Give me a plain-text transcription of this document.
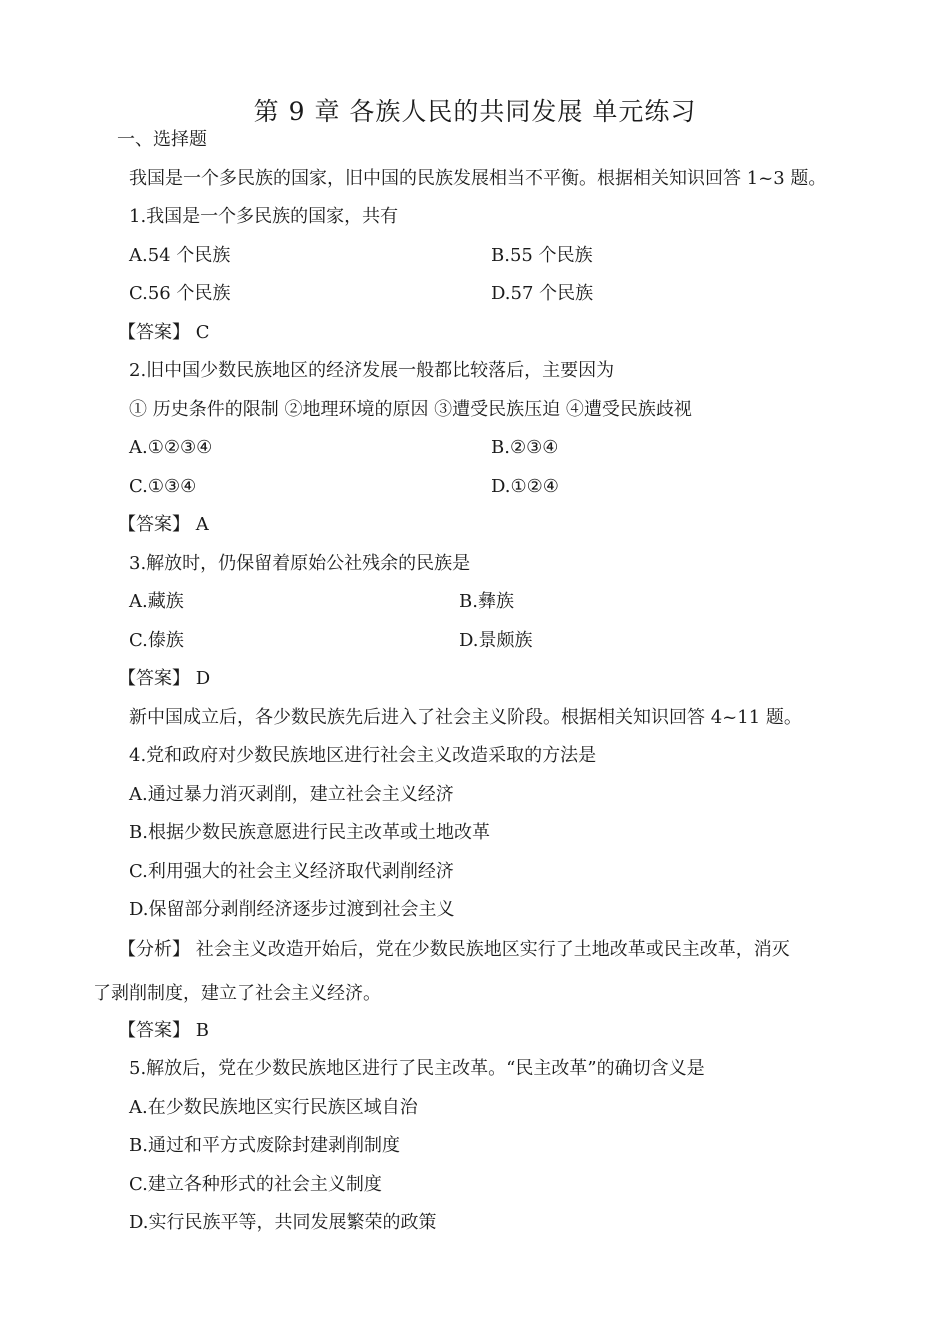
第 9 章 各族人民的共同发展 单元练习
一、选择题
我国是一个多民族的国家，旧中国的民族发展相当不平衡。根据相关知识回答 1~3 题。
1.我国是一个多民族的国家，共有
A.54 个民族	B.55 个民族
C.56 个民族	D.57 个民族
【答案】 C
2.旧中国少数民族地区的经济发展一般都比较落后，主要因为
① 历史条件的限制 ②地理环境的原因 ③遭受民族压迫 ④遭受民族歧视
A.①②③④	B.②③④
C.①③④	D.①②④
【答案】 A
3.解放时，仍保留着原始公社残余的民族是
A.藏族	B.彝族
C.傣族	D.景颇族
【答案】 D
新中国成立后，各少数民族先后进入了社会主义阶段。根据相关知识回答 4~11 题。
4.党和政府对少数民族地区进行社会主义改造采取的方法是
A.通过暴力消灭剥削，建立社会主义经济
B.根据少数民族意愿进行民主改革或土地改革
C.利用强大的社会主义经济取代剥削经济
D.保留部分剥削经济逐步过渡到社会主义
【分析】 社会主义改造开始后，党在少数民族地区实行了土地改革或民主改革，消灭
了剥削制度，建立了社会主义经济。
【答案】 B
5.解放后，党在少数民族地区进行了民主改革。“民主改革”的确切含义是
A.在少数民族地区实行民族区域自治
B.通过和平方式废除封建剥削制度
C.建立各种形式的社会主义制度
D.实行民族平等，共同发展繁荣的政策
